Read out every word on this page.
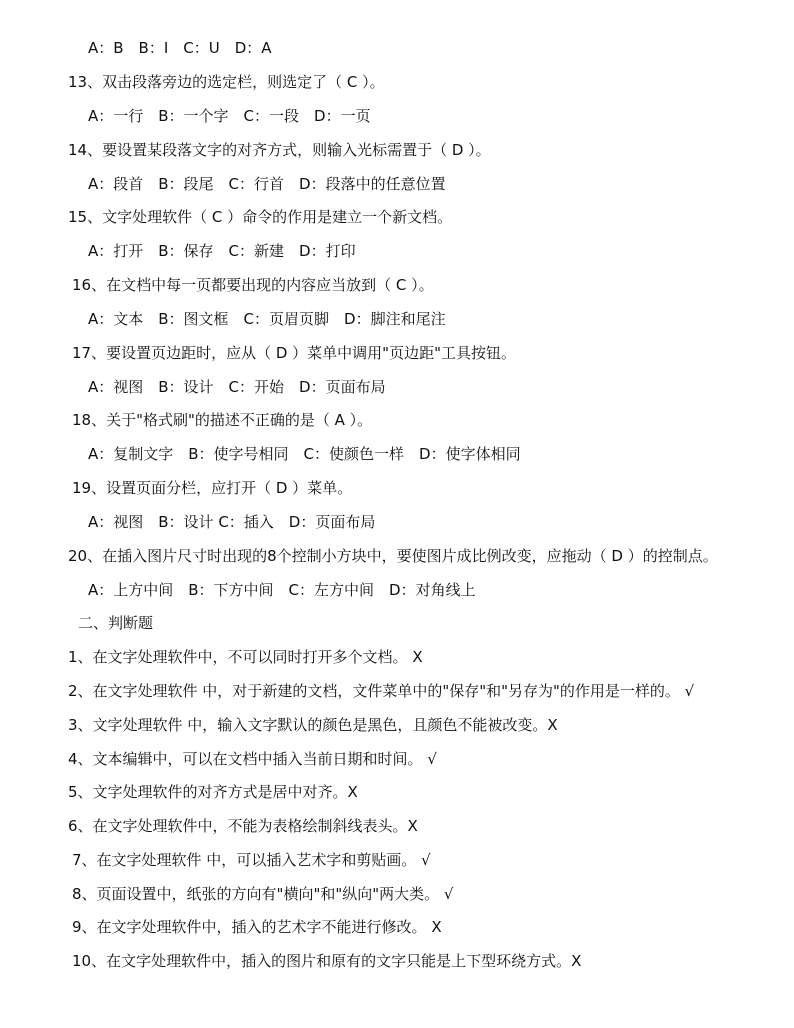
A：B　B：I　C：U　D：A
13、双击段落旁边的选定栏，则选定了（ C ）。
A：一行　B：一个字　C：一段　D：一页
14、要设置某段落文字的对齐方式，则输入光标需置于（ D ）。
A：段首　B：段尾　C：行首　D：段落中的任意位置
15、文字处理软件（ C ）命令的作用是建立一个新文档。
A：打开　B：保存　C：新建　D：打印
16、在文档中每一页都要出现的内容应当放到（ C ）。
A：文本　B：图文框　C：页眉页脚　D：脚注和尾注
17、要设置页边距时，应从（ D ）菜单中调用"页边距"工具按钮。
A：视图　B：设计　C：开始　D：页面布局
18、关于"格式刷"的描述不正确的是（ A ）。
A：复制文字　B：使字号相同　C：使颜色一样　D：使字体相同
19、设置页面分栏，应打开（ D ）菜单。
A：视图　B：设计 C：插入　D：页面布局
20、在插入图片尺寸时出现的8个控制小方块中，要使图片成比例改变，应拖动（ D ）的控制点。
A：上方中间　B：下方中间　C：左方中间　D：对角线上
二、判断题
1、在文字处理软件中，不可以同时打开多个文档。 X
2、在文字处理软件 中，对于新建的文档，文件菜单中的"保存"和"另存为"的作用是一样的。 √
3、文字处理软件 中，输入文字默认的颜色是黑色，且颜色不能被改变。X
4、文本编辑中，可以在文档中插入当前日期和时间。 √
5、文字处理软件的对齐方式是居中对齐。X
6、在文字处理软件中，不能为表格绘制斜线表头。X
7、在文字处理软件 中，可以插入艺术字和剪贴画。 √
8、页面设置中，纸张的方向有"横向"和"纵向"两大类。 √
9、在文字处理软件中，插入的艺术字不能进行修改。 X
10、在文字处理软件中，插入的图片和原有的文字只能是上下型环绕方式。X
